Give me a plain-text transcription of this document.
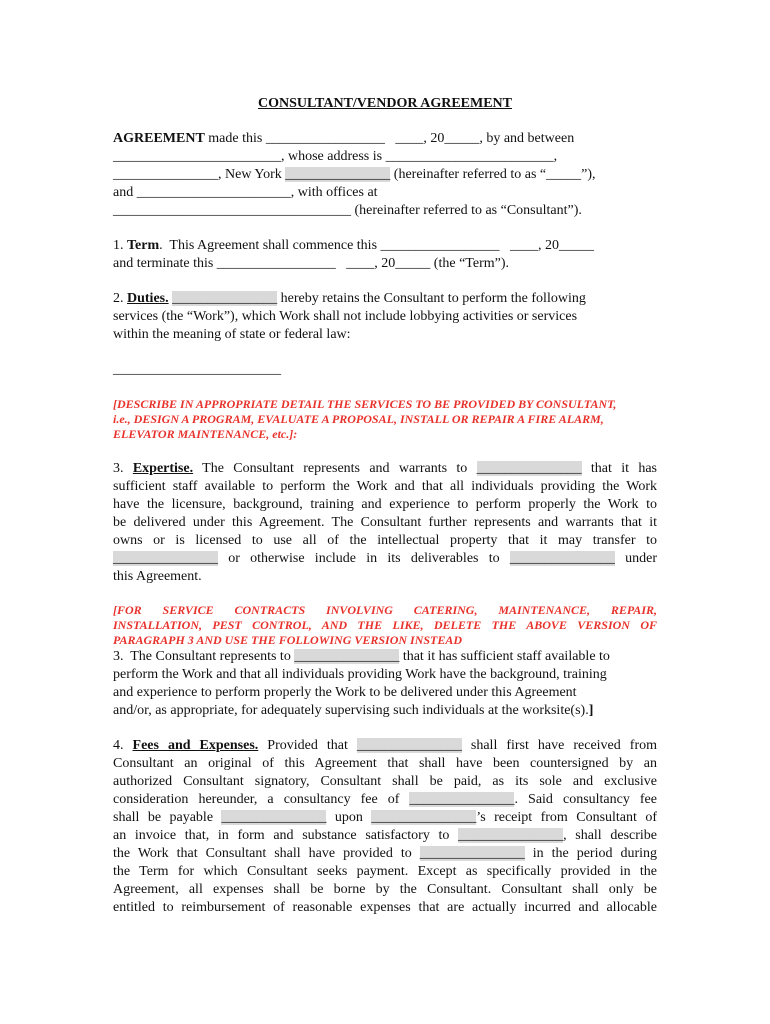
CONSULTANT/VENDOR AGREEMENT
AGREEMENT made this _________________   ____, 20_____, by and between
________________________, whose address is ________________________,
_______________, New York _______________ (hereinafter referred to as “_____”),
and ______________________, with offices at
__________________________________ (hereinafter referred to as “Consultant”).
1. Term.  This Agreement shall commence this _________________   ____, 20_____
and terminate this _________________   ____, 20_____ (the “Term”).
2. Duties. _______________ hereby retains the Consultant to perform the following
services (the “Work”), which Work shall not include lobbying activities or services
within the meaning of state or federal law:
________________________
[DESCRIBE IN APPROPRIATE DETAIL THE SERVICES TO BE PROVIDED BY CONSULTANT,
i.e., DESIGN A PROGRAM, EVALUATE A PROPOSAL, INSTALL OR REPAIR A FIRE ALARM,
ELEVATOR MAINTENANCE, etc.]:
3. Expertise. The Consultant represents and warrants to _______________ that it has
sufficient staff available to perform the Work and that all individuals providing the Work
have the licensure, background, training and experience to perform properly the Work to
be delivered under this Agreement. The Consultant further represents and warrants that it
owns or is licensed to use all of the intellectual property that it may transfer to
_______________ or otherwise include in its deliverables to _______________ under
this Agreement.
[FOR SERVICE CONTRACTS INVOLVING CATERING, MAINTENANCE, REPAIR,
INSTALLATION, PEST CONTROL, AND THE LIKE, DELETE THE ABOVE VERSION OF
PARAGRAPH 3 AND USE THE FOLLOWING VERSION INSTEAD
3.  The Consultant represents to _______________ that it has sufficient staff available to
perform the Work and that all individuals providing Work have the background, training
and experience to perform properly the Work to be delivered under this Agreement
and/or, as appropriate, for adequately supervising such individuals at the worksite(s).]
4. Fees and Expenses. Provided that _______________ shall first have received from
Consultant an original of this Agreement that shall have been countersigned by an
authorized Consultant signatory, Consultant shall be paid, as its sole and exclusive
consideration hereunder, a consultancy fee of _______________. Said consultancy fee
shall be payable _______________ upon _______________’s receipt from Consultant of
an invoice that, in form and substance satisfactory to _______________, shall describe
the Work that Consultant shall have provided to _______________ in the period during
the Term for which Consultant seeks payment. Except as specifically provided in the
Agreement, all expenses shall be borne by the Consultant. Consultant shall only be
entitled to reimbursement of reasonable expenses that are actually incurred and allocable
